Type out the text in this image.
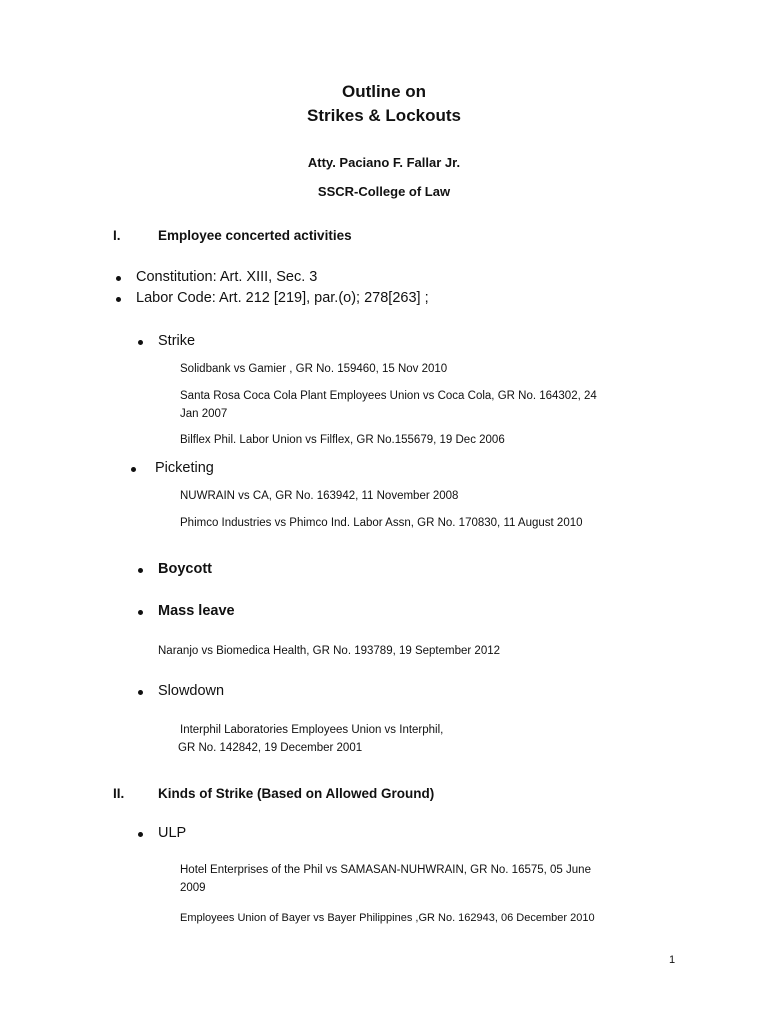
Outline on
Strikes & Lockouts
Atty. Paciano F. Fallar Jr.
SSCR-College of Law
I.	Employee concerted activities
Constitution: Art. XIII, Sec. 3
Labor Code: Art. 212 [219], par.(o); 278[263] ;
Strike
Solidbank vs Gamier , GR No. 159460, 15 Nov 2010
Santa Rosa Coca Cola Plant Employees Union vs Coca Cola, GR No. 164302, 24 Jan 2007
Bilflex Phil. Labor Union vs Filflex, GR No.155679, 19 Dec 2006
Picketing
NUWRAIN vs CA, GR No. 163942, 11 November 2008
Phimco Industries vs Phimco Ind. Labor Assn, GR No. 170830, 11 August 2010
Boycott
Mass leave
Naranjo vs Biomedica Health, GR No. 193789, 19 September 2012
Slowdown
Interphil Laboratories Employees Union vs Interphil,
GR No. 142842, 19 December 2001
II. Kinds of Strike (Based on Allowed Ground)
ULP
Hotel Enterprises of the Phil vs SAMASAN-NUHWRAIN, GR No. 16575, 05 June 2009
Employees Union of Bayer vs Bayer Philippines ,GR No. 162943, 06 December 2010
1
